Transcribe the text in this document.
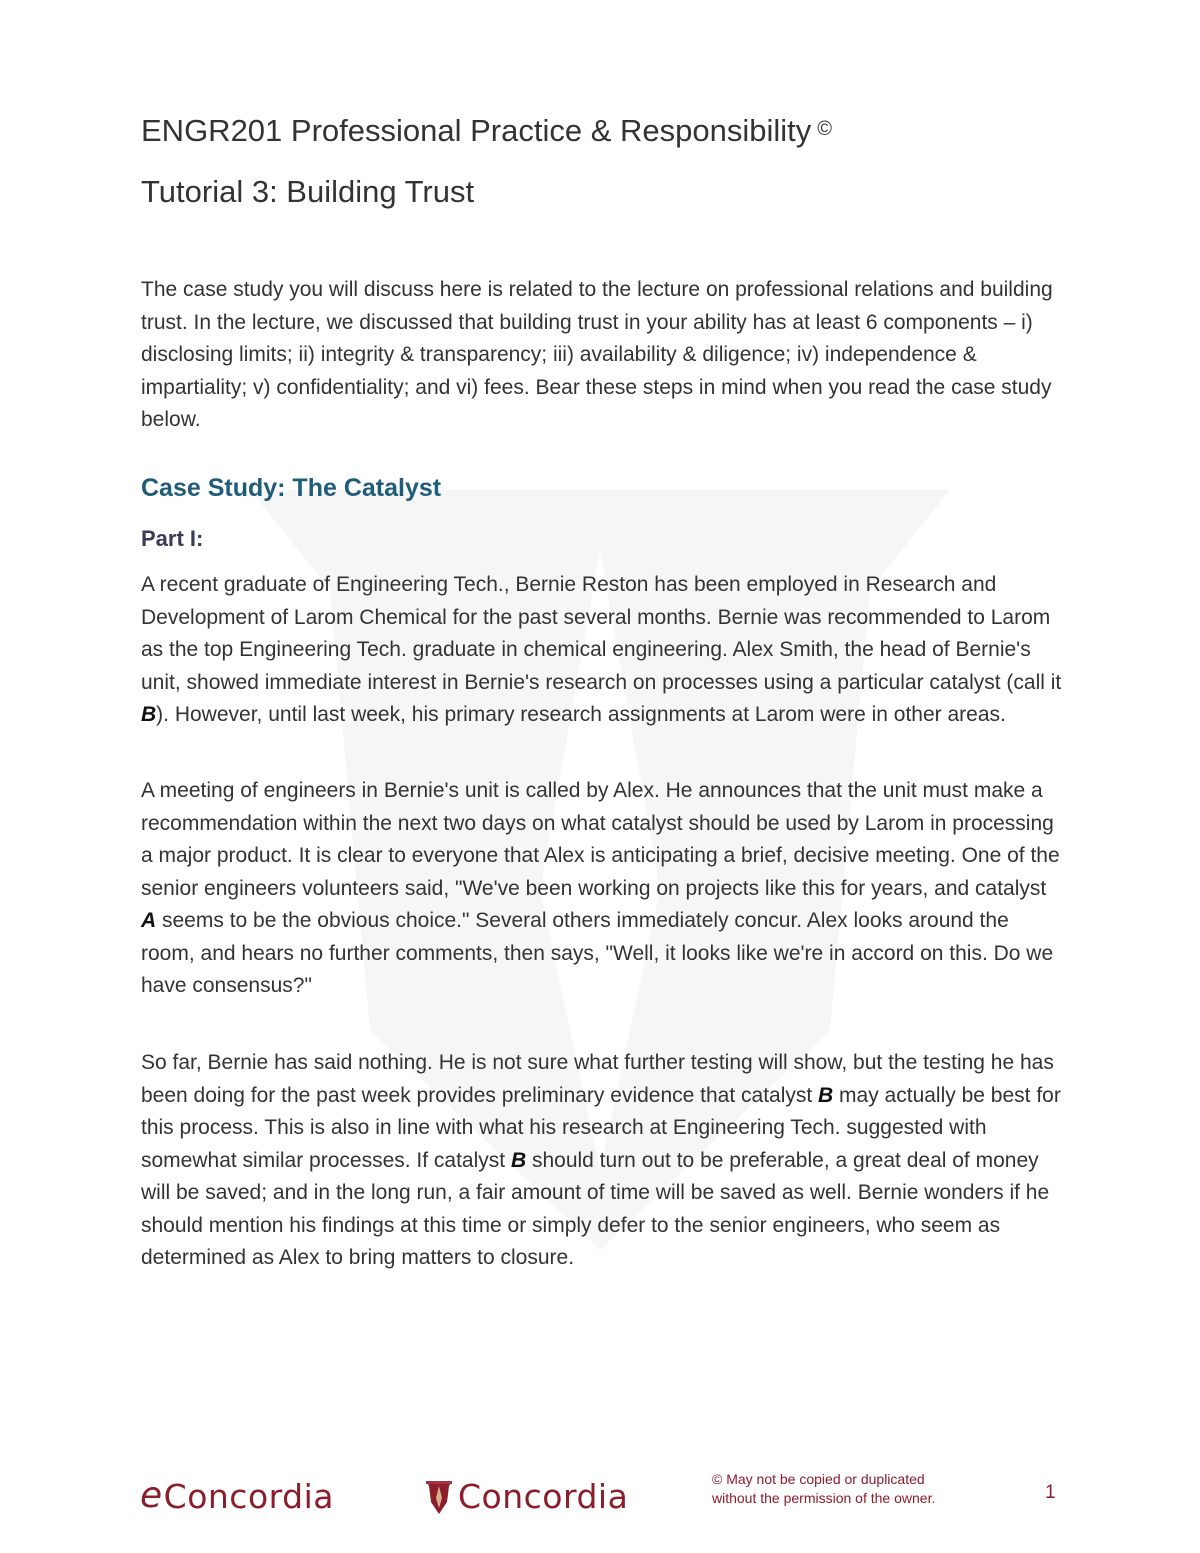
ENGR201 Professional Practice & Responsibility ©
Tutorial 3: Building Trust

The case study you will discuss here is related to the lecture on professional relations and building trust. In the lecture, we discussed that building trust in your ability has at least 6 components – i) disclosing limits; ii) integrity & transparency; iii) availability & diligence; iv) independence & impartiality; v) confidentiality; and vi) fees. Bear these steps in mind when you read the case study below.

Case Study: The Catalyst
Part I:

A recent graduate of Engineering Tech., Bernie Reston has been employed in Research and Development of Larom Chemical for the past several months. Bernie was recommended to Larom as the top Engineering Tech. graduate in chemical engineering. Alex Smith, the head of Bernie's unit, showed immediate interest in Bernie's research on processes using a particular catalyst (call it B). However, until last week, his primary research assignments at Larom were in other areas.

A meeting of engineers in Bernie's unit is called by Alex. He announces that the unit must make a recommendation within the next two days on what catalyst should be used by Larom in processing a major product. It is clear to everyone that Alex is anticipating a brief, decisive meeting. One of the senior engineers volunteers said, "We've been working on projects like this for years, and catalyst A seems to be the obvious choice." Several others immediately concur. Alex looks around the room, and hears no further comments, then says, "Well, it looks like we're in accord on this. Do we have consensus?"

So far, Bernie has said nothing. He is not sure what further testing will show, but the testing he has been doing for the past week provides preliminary evidence that catalyst B may actually be best for this process. This is also in line with what his research at Engineering Tech. suggested with somewhat similar processes. If catalyst B should turn out to be preferable, a great deal of money will be saved; and in the long run, a fair amount of time will be saved as well. Bernie wonders if he should mention his findings at this time or simply defer to the senior engineers, who seem as determined as Alex to bring matters to closure.

e Concordia	Concordia	© May not be copied or duplicated
without the permission of the owner.	1
